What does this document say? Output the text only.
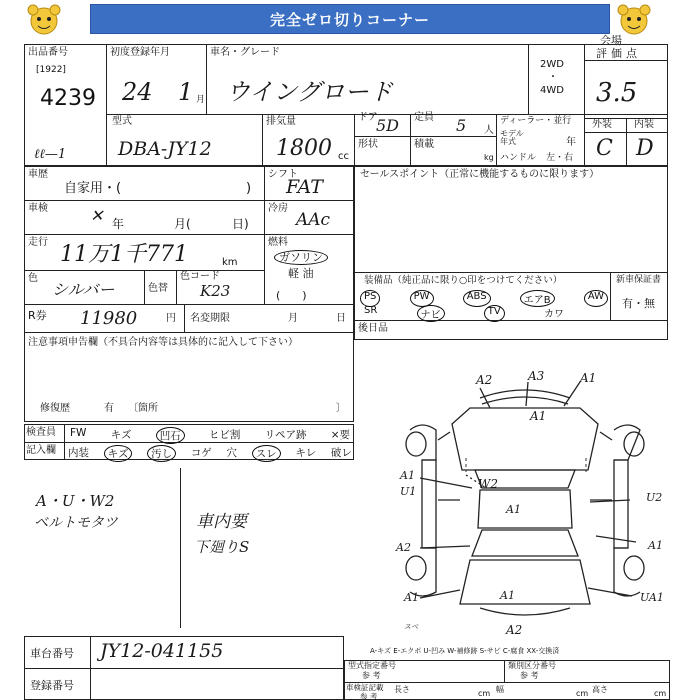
完全ゼロ切りコーナー
会場
出品番号
[1922]
4239
初度登録年月
24 1 月
車名・グレード
ウイングロード
2WD
・
4WD
評価点
3.5
外装 内装
C D
型式
DBA-JY12
ℓℓ—1
排気量
1800 cc
ドア
5D 定員 5 人
形状	積載
kg
ディーラー・並行
モデル年式	年
ハンドル 左・右
車歴
自家用・(	)
シフト
FAT
車検	✕ 年	月(	日)
冷房
AAc
走行 11万1千771	km
燃料
ガソリン
軽 油
(　　)
色
シルバー	色替
色コード
K23
R券 11980	円 名変期限	月	日
注意事項申告欄（不具合内容等は具体的に記入して下さい）
修復歴	有 〔箇所	〕
セールスポイント（正常に機能するものに限ります）
装備品（純正品に限り○印をつけてください）
PS	PW	ABS	エアB	AW
SR	ナビ	TV	カワ
新車保証書
有・無
後日品
検査員
記入欄
FW キズ	凹石	ヒビ割 リペア跡 ×要
内装	キズ	汚し	コゲ 穴	スレ	キレ 破レ
A・U・W2
ベルトモタツ	車内要
下廻りS
A2	A3	A1
A1
A1
U1
W2
A1
U2
A2	A1
A1	A1	UA1
A2
スベ
A-キズ E-エクボ U-凹み W-補修跡 S-サビ C-腐食 XX-交換済
車台番号 JY12-041155
登録番号
型式指定番号
参 考
類別区分番号
参 考
車検証記載
参 考
長さ	cm 幅	cm 高さ	cm
